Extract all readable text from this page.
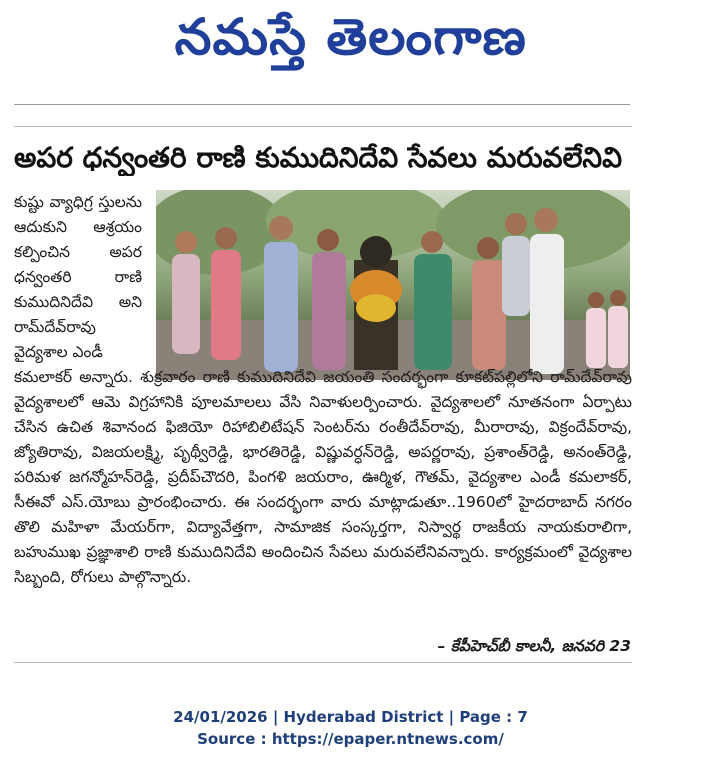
నమస్తే తెలంగాణ
అపర ధన్వంతరి రాణి కుముదినిదేవి సేవలు మరువలేనివి

కుష్టు వ్యాధిగ్ర స్తులను ఆదుకుని ఆశ్రయం కల్పించిన అపర ధన్వంతరి రాణి కుముదినిదేవి అని రామ్‌దేవ్‌రావు వైద్యశాల ఎండీ

కమలాకర్ అన్నారు. శుక్రవారం రాణి కుముదినిదేవి జయంతి సందర్భంగా కూకట్‌పల్లిలోని రామ్‌దేవ్‌రావు వైద్యశాలలో ఆమె విగ్రహానికి పూలమాలలు వేసి నివాళులర్పించారు. వైద్యశాలలో నూతనంగా ఏర్పాటు చేసిన ఉచిత శివానంద ఫిజియో రిహాబిలిటేషన్ సెంటర్‌ను రంతీదేవ్‌రావు, మీరారావు, విక్రందేవ్‌రావు, జ్యోతిరావు, విజయలక్ష్మి, పృథ్వీరెడ్డి, భారతిరెడ్డి, విష్ణువర్ధన్‌రెడ్డి, అపర్ణరావు, ప్రశాంత్‌రెడ్డి, అనంత్‌రెడ్డి, పరిమళ జగన్మోహన్‌రెడ్డి, ప్రదీప్‌చౌదరి, పింగళి జయరాం, ఊర్మిళ, గౌతమ్, వైద్యశాల ఎండీ కమలాకర్, సీఈవో ఎస్.యోబు ప్రారంభించారు. ఈ సందర్భంగా వారు మాట్లాడుతూ..1960లో హైదరాబాద్ నగరం తొలి మహిళా మేయర్‌గా, విద్యావేత్తగా, సామాజిక సంస్కర్తగా, నిస్వార్థ రాజకీయ నాయకురాలిగా, బహుముఖ ప్రజ్ఞాశాలి రాణి కుముదినిదేవి అందించిన సేవలు మరువలేనివన్నారు. కార్యక్రమంలో వైద్యశాల సిబ్బంది, రోగులు పాల్గొన్నారు.

– కేపీహెచ్‌బీ కాలనీ, జనవరి 23
24/01/2026 | Hyderabad District | Page : 7
Source : https://epaper.ntnews.com/
